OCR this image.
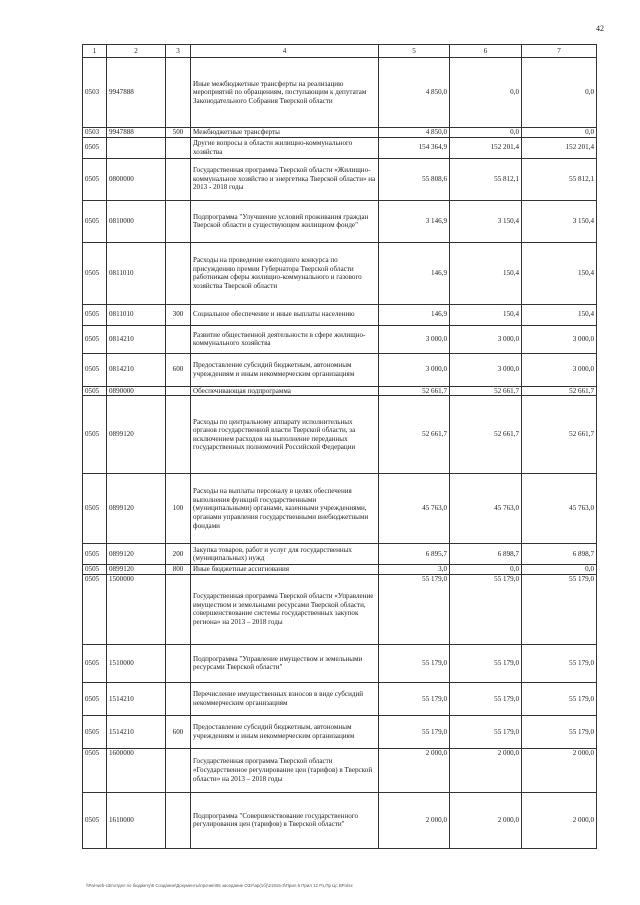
42
1	2	3	4	5	6	7
0503	9947888		Иные межбюджетные трансферты на реализацию мероприятий по обращениям, поступающим к депутатам Законодательного Собрания Тверской области	4 850,0	0,0	0,0
0503	9947888	500	Межбюджетные трансферты	4 850,0	0,0	0,0
0505			Другие вопросы в области жилищно-коммунального хозяйства	154 364,9	152 201,4	152 201,4
0505	0800000		Государственная программа Тверской области «Жилищно-коммунальное хозяйство и энергетика Тверской области» на 2013 - 2018 годы	55 808,6	55 812,1	55 812,1
0505	0810000		Подпрограмма "Улучшение условий проживания граждан Тверской области в существующем жилищном фонде"	3 146,9	3 150,4	3 150,4
0505	0811010		Расходы на проведение ежегодного конкурса по присуждению премии Губернатора Тверской области работникам сферы жилищно-коммунального и газового хозяйства Тверской области	146,9	150,4	150,4
0505	0811010	300	Социальное обеспечение и иные выплаты населению	146,9	150,4	150,4
0505	0814210		Развитие общественной деятельности в сфере жилищно-коммунального хозяйства	3 000,0	3 000,0	3 000,0
0505	0814210	600	Предоставление субсидий бюджетным, автономным учреждениям и иным некоммерческим организациям	3 000,0	3 000,0	3 000,0
0505	0890000		Обеспечивающая подпрограмма	52 661,7	52 661,7	52 661,7
0505	0899120		Расходы по центральному аппарату исполнительных органов государственной власти Тверской области, за исключением расходов на выполнение переданных государственных полномочий Российской Федерации	52 661,7	52 661,7	52 661,7
0505	0899120	100	Расходы на выплаты персоналу в целях обеспечения выполнения функций государственными (муниципальными) органами, казенными учреждениями, органами управления государственными внебюджетными фондами	45 763,0	45 763,0	45 763,0
0505	0899120	200	Закупка товаров, работ и услуг для государственных (муниципальных) нужд	6 895,7	6 898,7	6 898,7
0505	0899120	800	Иные бюджетные ассигнования	3,0	0,0	0,0
0505	1500000		Государственная программа Тверской области «Управление имуществом и земельными ресурсами Тверской области, совершенствование системы государственных закупок региона» на 2013 – 2018 годы	55 179,0	55 179,0	55 179,0
0505	1510000		Подпрограмма "Управление имуществом и земельными ресурсами Тверской области"	55 179,0	55 179,0	55 179,0
0505	1514210		Перечисление имущественных взносов в виде субсидий некоммерческим организациям	55 179,0	55 179,0	55 179,0
0505	1514210	600	Предоставление субсидий бюджетным, автономным учреждениям и иным некоммерческим организациям	55 179,0	55 179,0	55 179,0
0505	1600000		Государственная программа Тверской области «Государственное регулирование цен (тарифов) в Тверской области» на 2013 – 2018 годы	2 000,0	2 000,0	2 000,0
0505	1610000		Подпрограмма "Совершенствование государственного регулирования цен (тарифов) в Тверской области"	2 000,0	2 000,0	2 000,0
\\Pal-web-cite\отдел по бюджету\5 Создание\Документы\прочие\06 заседание ОЗУ\ар(1б)\21916-3\Прил 6 Прил 12 Рз,Пр Цс ВР.xlsx
